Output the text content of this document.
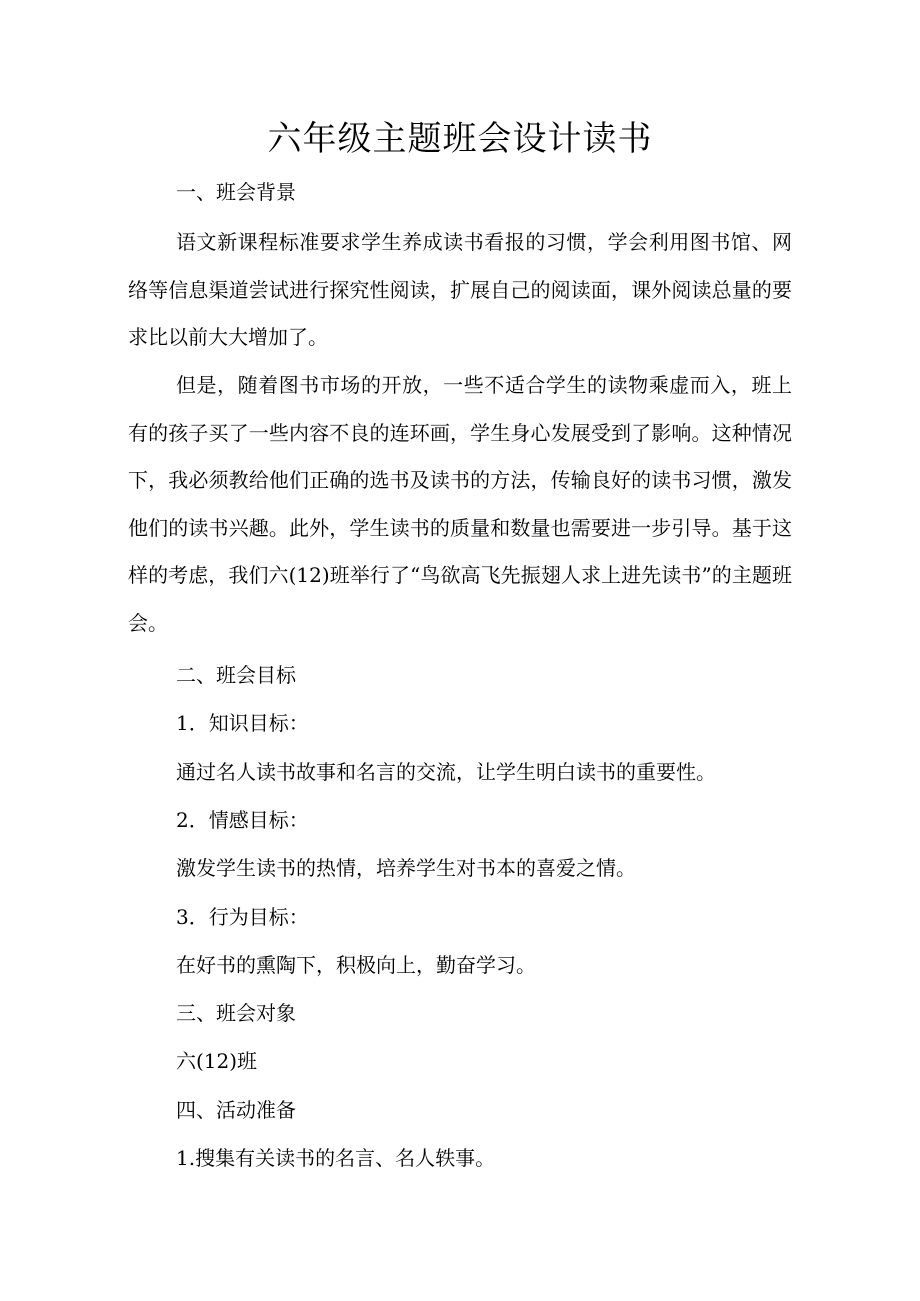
六年级主题班会设计读书
一、班会背景

语文新课程标准要求学生养成读书看报的习惯，学会利用图书馆、网络等信息渠道尝试进行探究性阅读，扩展自己的阅读面，课外阅读总量的要求比以前大大增加了。

但是，随着图书市场的开放，一些不适合学生的读物乘虚而入，班上有的孩子买了一些内容不良的连环画，学生身心发展受到了影响。这种情况下，我必须教给他们正确的选书及读书的方法，传输良好的读书习惯，激发他们的读书兴趣。此外，学生读书的质量和数量也需要进一步引导。基于这样的考虑，我们六(12)班举行了“鸟欲高飞先振翅人求上进先读书”的主题班会。

二、班会目标
1．知识目标：
通过名人读书故事和名言的交流，让学生明白读书的重要性。
2．情感目标：
激发学生读书的热情，培养学生对书本的喜爱之情。
3．行为目标：
在好书的熏陶下，积极向上，勤奋学习。
三、班会对象
六(12)班
四、活动准备
1.搜集有关读书的名言、名人轶事。
